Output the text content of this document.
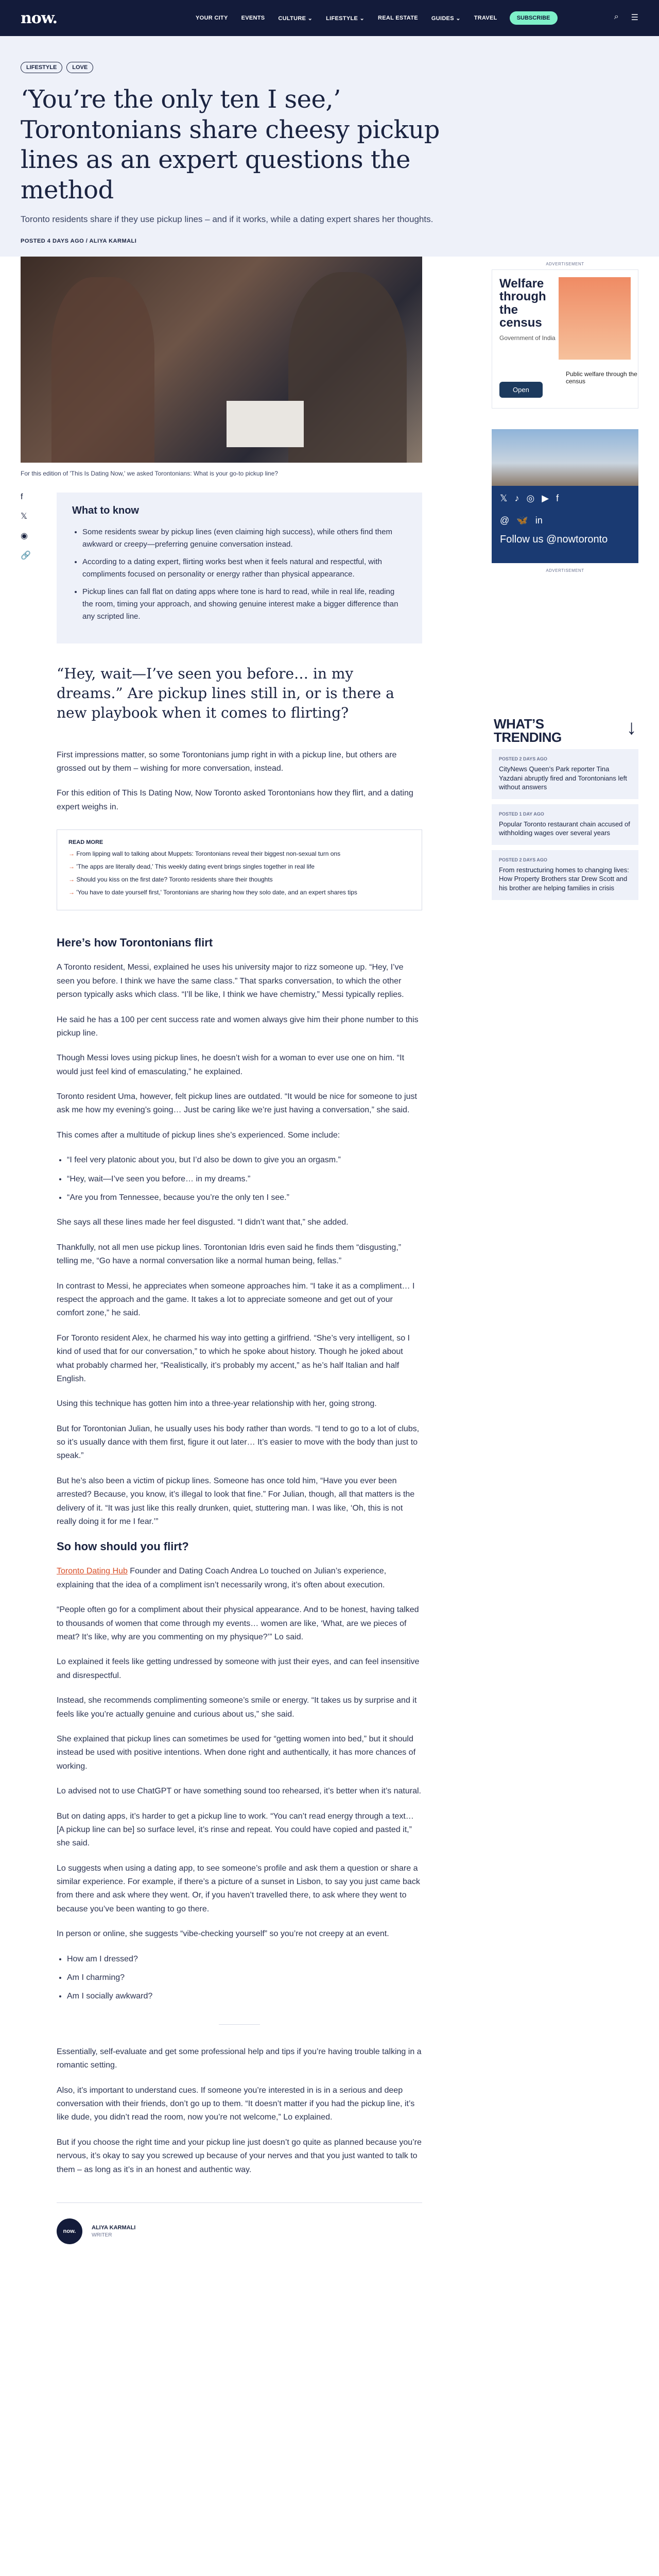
now.	YOUR CITY EVENTS CULTURE ⌄ LIFESTYLE ⌄ REAL ESTATE GUIDES ⌄ TRAVEL	SUBSCRIBE	⌕ ☰
LIFESTYLE	LOVE
‘You’re the only ten I see,’ Torontonians share cheesy pickup lines as an expert questions the method
Toronto residents share if they use pickup lines – and if it works, while a dating expert shares her thoughts.
POSTED 4 DAYS AGO / ALIYA KARMALI
For this edition of 'This Is Dating Now,' we asked Torontonians: What is your go-to pickup line?
f
𝕏
◉
🔗
What to know
• Some residents swear by pickup lines (even claiming high success), while others find them awkward or creepy—preferring genuine conversation instead.
• According to a dating expert, flirting works best when it feels natural and respectful, with compliments focused on personality or energy rather than physical appearance.
• Pickup lines can fall flat on dating apps where tone is hard to read, while in real life, reading the room, timing your approach, and showing genuine interest make a bigger difference than any scripted line.
“Hey, wait—I’ve seen you before… in my dreams.” Are pickup lines still in, or is there a new playbook when it comes to flirting?

First impressions matter, so some Torontonians jump right in with a pickup line, but others are grossed out by them – wishing for more conversation, instead.

For this edition of This Is Dating Now, Now Toronto asked Torontonians how they flirt, and a dating expert weighs in.

READ MORE
→ From lipping wall to talking about Muppets: Torontonians reveal their biggest non-sexual turn ons
→ 'The apps are literally dead,' This weekly dating event brings singles together in real life
→ Should you kiss on the first date? Toronto residents share their thoughts
→ 'You have to date yourself first,' Torontonians are sharing how they solo date, and an expert shares tips
Here’s how Torontonians flirt

A Toronto resident, Messi, explained he uses his university major to rizz someone up. “Hey, I’ve seen you before. I think we have the same class.” That sparks conversation, to which the other person typically asks which class. “I’ll be like, I think we have chemistry,” Messi typically replies.

He said he has a 100 per cent success rate and women always give him their phone number to this pickup line.

Though Messi loves using pickup lines, he doesn’t wish for a woman to ever use one on him. “It would just feel kind of emasculating,” he explained.

Toronto resident Uma, however, felt pickup lines are outdated. “It would be nice for someone to just ask me how my evening’s going… Just be caring like we’re just having a conversation,” she said.

This comes after a multitude of pickup lines she’s experienced. Some include:

• “I feel very platonic about you, but I’d also be down to give you an orgasm.”
• “Hey, wait—I’ve seen you before… in my dreams.”
• “Are you from Tennessee, because you’re the only ten I see.”

She says all these lines made her feel disgusted. “I didn’t want that,” she added.

Thankfully, not all men use pickup lines. Torontonian Idris even said he finds them “disgusting,” telling me, “Go have a normal conversation like a normal human being, fellas.”

In contrast to Messi, he appreciates when someone approaches him. “I take it as a compliment… I respect the approach and the game. It takes a lot to appreciate someone and get out of your comfort zone,” he said.

For Toronto resident Alex, he charmed his way into getting a girlfriend. “She’s very intelligent, so I kind of used that for our conversation,” to which he spoke about history. Though he joked about what probably charmed her, “Realistically, it’s probably my accent,” as he’s half Italian and half English.

Using this technique has gotten him into a three-year relationship with her, going strong.

But for Torontonian Julian, he usually uses his body rather than words. “I tend to go to a lot of clubs, so it’s usually dance with them first, figure it out later… It’s easier to move with the body than just to speak.”

But he’s also been a victim of pickup lines. Someone has once told him, “Have you ever been arrested? Because, you know, it’s illegal to look that fine.” For Julian, though, all that matters is the delivery of it. “It was just like this really drunken, quiet, stuttering man. I was like, ‘Oh, this is not really doing it for me I fear.’”

So how should you flirt?

Toronto Dating Hub Founder and Dating Coach Andrea Lo touched on Julian’s experience, explaining that the idea of a compliment isn’t necessarily wrong, it’s often about execution.

“People often go for a compliment about their physical appearance. And to be honest, having talked to thousands of women that come through my events… women are like, ‘What, are we pieces of meat? It’s like, why are you commenting on my physique?’” Lo said.

Lo explained it feels like getting undressed by someone with just their eyes, and can feel insensitive and disrespectful.

Instead, she recommends complimenting someone’s smile or energy. “It takes us by surprise and it feels like you’re actually genuine and curious about us,” she said.

She explained that pickup lines can sometimes be used for “getting women into bed,” but it should instead be used with positive intentions. When done right and authentically, it has more chances of working.

Lo advised not to use ChatGPT or have something sound too rehearsed, it’s better when it’s natural.

But on dating apps, it’s harder to get a pickup line to work. “You can’t read energy through a text… [A pickup line can be] so surface level, it’s rinse and repeat. You could have copied and pasted it,” she said.

Lo suggests when using a dating app, to see someone’s profile and ask them a question or share a similar experience. For example, if there’s a picture of a sunset in Lisbon, to say you just came back from there and ask where they went. Or, if you haven’t travelled there, to ask where they went to because you’ve been wanting to go there.

In person or online, she suggests “vibe-checking yourself” so you’re not creepy at an event.

• How am I dressed?
• Am I charming?
• Am I socially awkward?

Essentially, self-evaluate and get some professional help and tips if you’re having trouble talking in a romantic setting.

Also, it’s important to understand cues. If someone you’re interested in is in a serious and deep conversation with their friends, don’t go up to them. “It doesn’t matter if you had the pickup line, it’s like dude, you didn’t read the room, now you’re not welcome,” Lo explained.

But if you choose the right time and your pickup line just doesn’t go quite as planned because you’re nervous, it’s okay to say you screwed up because of your nerves and that you just wanted to talk to them – as long as it’s in an honest and authentic way.

now.
ALIYA KARMALI
WRITER
ADVERTISEMENT
Welfare through the census
Government of India
Public welfare through the census
Open
𝕏 ♪ ◎ ▶ f
@ 🦋 in
Follow us @nowtoronto
ADVERTISEMENT
WHAT’S TRENDING	↓
POSTED 2 DAYS AGO
CityNews Queen’s Park reporter Tina Yazdani abruptly fired and Torontonians left without answers
POSTED 1 DAY AGO
Popular Toronto restaurant chain accused of withholding wages over several years
POSTED 2 DAYS AGO
From restructuring homes to changing lives: How Property Brothers star Drew Scott and his brother are helping families in crisis
